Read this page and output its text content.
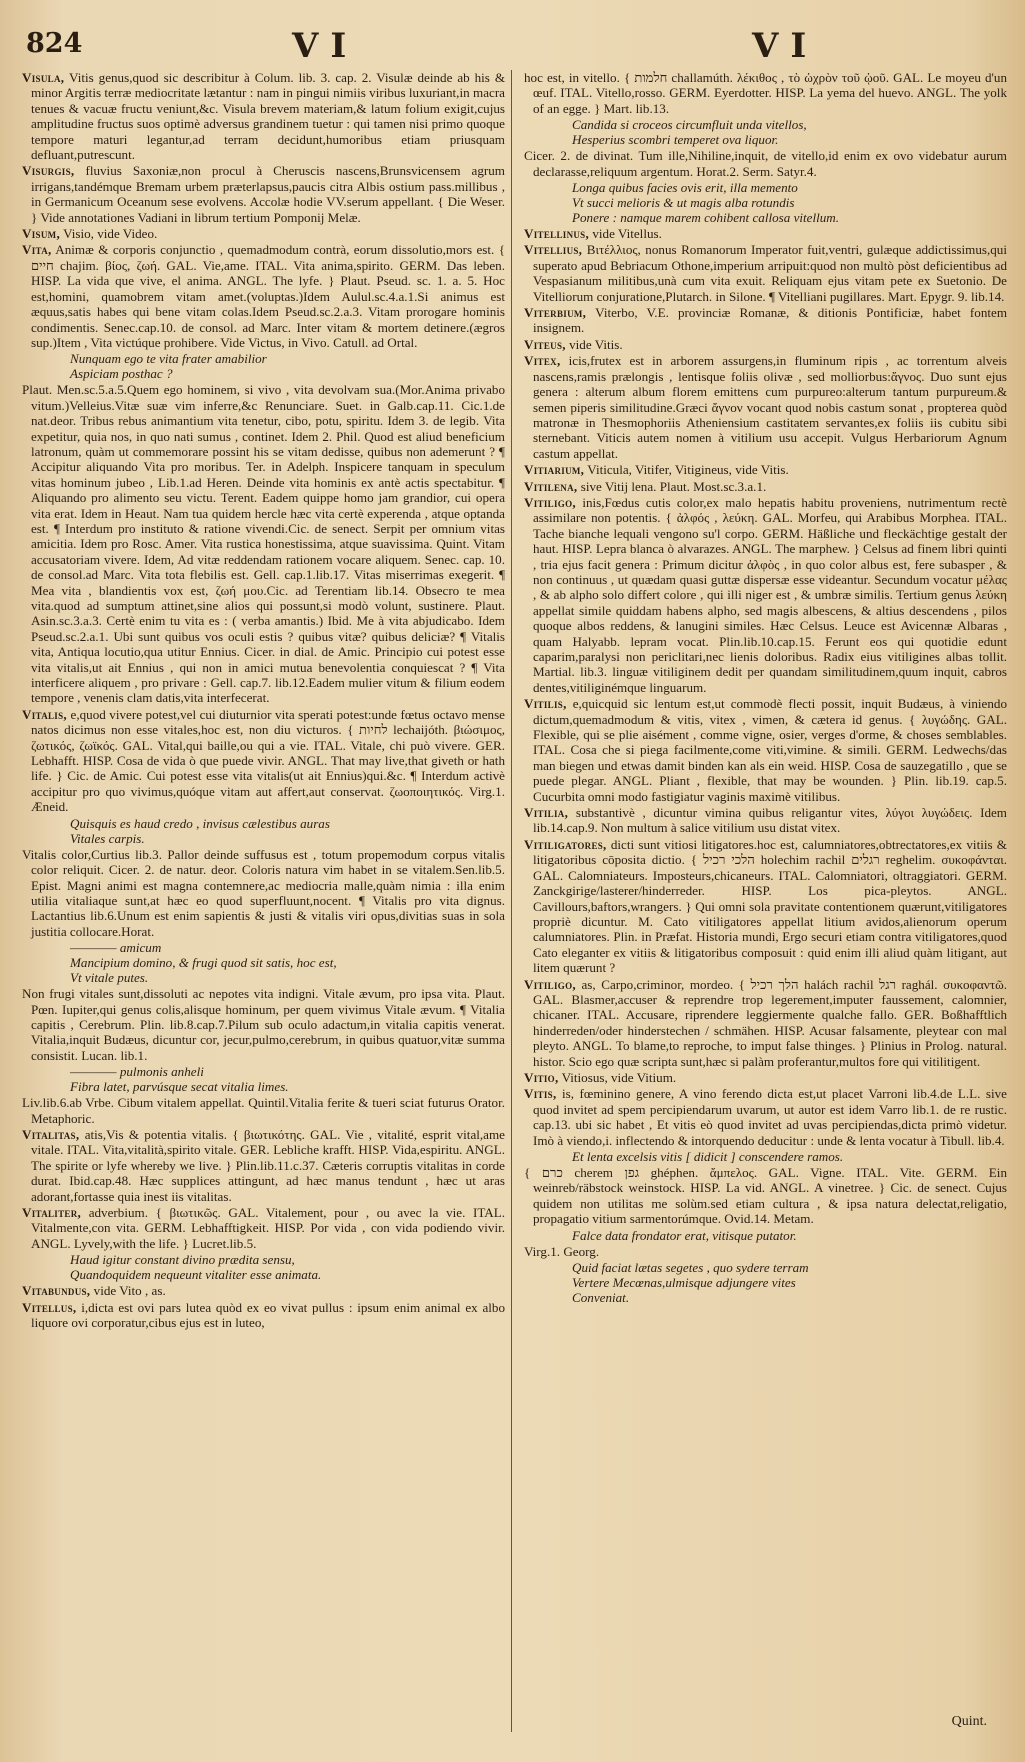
824	VI	VI
Visula, Vitis genus,quod sic describitur à Colum. lib. 3. cap. 2. Visulæ deinde ab his & minor Argitis terræ mediocritate lætantur : nam in pingui nimiis viribus luxuriant,in macra tenues & vacuæ fructu veniunt,&c. Visula brevem materiam,& latum folium exigit,cujus amplitudine fructus suos optimè adversus grandinem tuetur : qui tamen nisi primo quoque tempore maturi legantur,ad terram decidunt,humoribus etiam priusquam defluant,putrescunt.
Visurgis, fluvius Saxoniæ,non procul à Cheruscis nascens,Brunsvicensem agrum irrigans,tandémque Bremam urbem præterlapsus,paucis citra Albis ostium pass.millibus , in Germanicum Oceanum sese evolvens. Accolæ hodie VV.serum appellant. { Die Weser. } Vide annotationes Vadiani in librum tertium Pomponij Melæ.
Visum, Visio, vide Video.
Vita, Animæ & corporis conjunctio , quemadmodum contrà, eorum dissolutio,mors est. { חיים chajim. βίος, ζωή. GAL. Vie,ame. ITAL. Vita anima,spirito. GERM. Das leben. HISP. La vida que vive, el anima. ANGL. The lyfe. } Plaut. Pseud. sc. 1. a. 5. Hoc est,homini, quamobrem vitam amet.(voluptas.)Idem Aulul.sc.4.a.1.Si animus est æquus,satis habes qui bene vitam colas.Idem Pseud.sc.2.a.3. Vitam prorogare hominis condimentis. Senec.cap.10. de consol. ad Marc. Inter vitam & mortem detinere.(ægros sup.)Item , Vita victúque prohibere. Vide Victus, in Vivo. Catull. ad Ortal.
Nunquam ego te vita frater amabilior
Aspiciam posthac ?
Plaut. Men.sc.5.a.5.Quem ego hominem, si vivo , vita devolvam sua.(Mor.Anima privabo vitum.)Velleius.Vitæ suæ vim inferre,&c Renunciare. Suet. in Galb.cap.11. Cic.1.de nat.deor. Tribus rebus animantium vita tenetur, cibo, potu, spiritu. Idem 3. de legib. Vita expetitur, quia nos, in quo nati sumus , continet. Idem 2. Phil. Quod est aliud beneficium latronum, quàm ut commemorare possint his se vitam dedisse, quibus non ademerunt ? ¶ Accipitur aliquando Vita pro moribus. Ter. in Adelph. Inspicere tanquam in speculum vitas hominum jubeo , Lib.1.ad Heren. Deinde vita hominis ex antè actis spectabitur. ¶ Aliquando pro alimento seu victu. Terent. Eadem quippe homo jam grandior, cui opera vita erat. Idem in Heaut. Nam tua quidem hercle hæc vita certè experenda , atque optanda est. ¶ Interdum pro instituto & ratione vivendi.Cic. de senect. Serpit per omnium vitas amicitia. Idem pro Rosc. Amer. Vita rustica honestissima, atque suavissima. Quint. Vitam accusatoriam vivere. Idem, Ad vitæ reddendam rationem vocare aliquem. Senec. cap. 10. de consol.ad Marc. Vita tota flebilis est. Gell. cap.1.lib.17. Vitas miserrimas exegerit. ¶ Mea vita , blandientis vox est, ζωή μου.Cic. ad Terentiam lib.14. Obsecro te mea vita.quod ad sumptum attinet,sine alios qui possunt,si modò volunt, sustinere. Plaut. Asin.sc.3.a.3. Certè enim tu vita es : ( verba amantis.) Ibid. Me à vita abjudicabo. Idem Pseud.sc.2.a.1. Ubi sunt quibus vos oculi estis ? quibus vitæ? quibus deliciæ? ¶ Vitalis vita, Antiqua locutio,qua utitur Ennius. Cicer. in dial. de Amic. Principio cui potest esse vita vitalis,ut ait Ennius , qui non in amici mutua benevolentia conquiescat ? ¶ Vita interficere aliquem , pro privare : Gell. cap.7. lib.12.Eadem mulier vitum & filium eodem tempore , venenis clam datis,vita interfecerat.
Vitalis, e,quod vivere potest,vel cui diuturnior vita sperati potest:unde fœtus octavo mense natos dicimus non esse vitales,hoc est, non diu victuros. { לחיות lechaijóth. βιώσιμος, ζωτικός, ζωϊκός. GAL. Vital,qui baille,ou qui a vie. ITAL. Vitale, chi può vivere. GER. Lebhafft. HISP. Cosa de vida ò que puede vivir. ANGL. That may live,that giveth or hath life. } Cic. de Amic. Cui potest esse vita vitalis(ut ait Ennius)qui.&c. ¶ Interdum activè accipitur pro quo vivimus,quóque vitam aut affert,aut conservat. ζωοποιητικός. Virg.1. Æneid.
Quisquis es haud credo , invisus cælestibus auras
Vitales carpis.
Vitalis color,Curtius lib.3. Pallor deinde suffusus est , totum propemodum corpus vitalis color reliquit. Cicer. 2. de natur. deor. Coloris natura vim habet in se vitalem.Sen.lib.5. Epist. Magni animi est magna contemnere,ac mediocria malle,quàm nimia : illa enim utilia vitaliaque sunt,at hæc eo quod superfluunt,nocent. ¶ Vitalis pro vita dignus. Lactantius lib.6.Unum est enim sapientis & justi & vitalis viri opus,divitias suas in sola justitia collocare.Horat.
———— amicum
Mancipium domino, & frugi quod sit satis, hoc est,
Vt vitale putes.
Non frugi vitales sunt,dissoluti ac nepotes vita indigni. Vitale ævum, pro ipsa vita. Plaut. Pœn. Iupiter,qui genus colis,alisque hominum, per quem vivimus Vitale ævum. ¶ Vitalia capitis , Cerebrum. Plin. lib.8.cap.7.Pilum sub oculo adactum,in vitalia capitis venerat. Vitalia,inquit Budæus, dicuntur cor, jecur,pulmo,cerebrum, in quibus quatuor,vitæ summa consistit. Lucan. lib.1.
———— pulmonis anheli
Fibra latet, parvúsque secat vitalia limes.
Liv.lib.6.ab Vrbe. Cibum vitalem appellat. Quintil.Vitalia ferite & tueri sciat futurus Orator. Metaphoric.
Vitalitas, atis,Vis & potentia vitalis. { βιωτικότης. GAL. Vie , vitalité, esprit vital,ame vitale. ITAL. Vita,vitalità,spirito vitale. GER. Lebliche krafft. HISP. Vida,espiritu. ANGL. The spirite or lyfe whereby we live. } Plin.lib.11.c.37. Cæteris corruptis vitalitas in corde durat. Ibid.cap.48. Hæc supplices attingunt, ad hæc manus tendunt , hæc ut aras adorant,fortasse quia inest iis vitalitas.
Vitaliter, adverbium. { βιωτικῶς. GAL. Vitalement, pour , ou avec la vie. ITAL. Vitalmente,con vita. GERM. Lebhafftigkeit. HISP. Por vida , con vida podiendo vivir. ANGL. Lyvely,with the life. } Lucret.lib.5.
Haud igitur constant divino prædita sensu,
Quandoquidem nequeunt vitaliter esse animata.
Vitabundus, vide Vito , as.
Vitellus, i,dicta est ovi pars lutea quòd ex eo vivat pullus : ipsum enim animal ex albo liquore ovi corporatur,cibus ejus est in luteo,
hoc est, in vitello. { חלמות challamúth. λέκιθος , τὸ ὠχρὸν τοῦ ᾠοῦ. GAL. Le moyeu d'un œuf. ITAL. Vitello,rosso. GERM. Eyerdotter. HISP. La yema del huevo. ANGL. The yolk of an egge. } Mart. lib.13.
Candida si croceos circumfluit unda vitellos,
Hesperius scombri temperet ova liquor.
Cicer. 2. de divinat. Tum ille,Nihiline,inquit, de vitello,id enim ex ovo videbatur aurum declarasse,reliquum argentum. Horat.2. Serm. Satyr.4.
Longa quibus facies ovis erit, illa memento
Vt succi melioris & ut magis alba rotundis
Ponere : namque marem cohibent callosa vitellum.
Vitellinus, vide Vitellus.
Vitellius, Βιτέλλιος, nonus Romanorum Imperator fuit,ventri, gulæque addictissimus,qui superato apud Bebriacum Othone,imperium arripuit:quod non multò pòst deficientibus ad Vespasianum militibus,unà cum vita exuit. Reliquam ejus vitam pete ex Suetonio. De Vitelliorum conjuratione,Plutarch. in Silone. ¶ Vitelliani pugillares. Mart. Epygr. 9. lib.14.
Viterbium, Viterbo, V.E. provinciæ Romanæ, & ditionis Pontificiæ, habet fontem insignem.
Viteus, vide Vitis.
Vitex, icis,frutex est in arborem assurgens,in fluminum ripis , ac torrentum alveis nascens,ramis prælongis , lentisque foliis olivæ , sed molliorbus:ἄγνος. Duo sunt ejus genera : alterum album florem emittens cum purpureo:alterum tantum purpureum.& semen piperis similitudine.Græci ἄγνον vocant quod nobis castum sonat , propterea quòd matronæ in Thesmophoriis Atheniensium castitatem servantes,ex foliis iis cubitu sibi sternebant. Viticis autem nomen à vitilium usu accepit. Vulgus Herbariorum Agnum castum appellat.
Vitiarium, Viticula, Vitifer, Vitigineus, vide Vitis.
Vitilena, sive Vitij lena. Plaut. Most.sc.3.a.1.
Vitiligo, inis,Fœdus cutis color,ex malo hepatis habitu proveniens, nutrimentum rectè assimilare non potentis. { ἀλφός , λεύκη. GAL. Morfeu, qui Arabibus Morphea. ITAL. Tache bianche lequali vengono su'l corpo. GERM. Häßliche und fleckächtige gestalt der haut. HISP. Lepra blanca ò alvarazes. ANGL. The marphew. } Celsus ad finem libri quinti , tria ejus facit genera : Primum dicitur ἀλφὸς , in quo color albus est, fere subasper , & non continuus , ut quædam quasi guttæ dispersæ esse videantur. Secundum vocatur μέλας , & ab alpho solo differt colore , qui illi niger est , & umbræ similis. Tertium genus λεύκη appellat simile quiddam habens alpho, sed magis albescens, & altius descendens , pilos quoque albos reddens, & lanugini similes. Hæc Celsus. Leuce est Avicennæ Albaras , quam Halyabb. lepram vocat. Plin.lib.10.cap.15. Ferunt eos qui quotidie edunt caparim,paralysi non periclitari,nec lienis doloribus. Radix eius vitiligines albas tollit. Martial. lib.3. linguæ vitiliginem dedit per quandam similitudinem,quum inquit, cabros dentes,vitiliginémque linguarum.
Vitilis, e,quicquid sic lentum est,ut commodè flecti possit, inquit Budæus, à viniendo dictum,quemadmodum & vitis, vitex , vimen, & cætera id genus. { λυγώδης. GAL. Flexible, qui se plie aisément , comme vigne, osier, verges d'orme, & choses semblables. ITAL. Cosa che si piega facilmente,come viti,vimine. & simili. GERM. Ledwechs/das man biegen und etwas damit binden kan als ein weid. HISP. Cosa de sauzegatillo , que se puede plegar. ANGL. Pliant , flexible, that may be wounden. } Plin. lib.19. cap.5. Cucurbita omni modo fastigiatur vaginis maximè vitilibus.
Vitilia, substantivè , dicuntur vimina quibus religantur vites, λύγοι λυγώδεις. Idem lib.14.cap.9. Non multum à salice vitilium usu distat vitex.
Vitiligatores, dicti sunt vitiosi litigatores.hoc est, calumniatores,obtrectatores,ex vitiis & litigatoribus cōposita dictio. { הלכי רכיל holechim rachil רגלים reghelim. συκοφάνται. GAL. Calomniateurs. Imposteurs,chicaneurs. ITAL. Calomniatori, oltraggiatori. GERM. Zanckgirige/lasterer/hinderreder. HISP. Los pica-pleytos. ANGL. Cavillours,baftors,wrangers. } Qui omni sola pravitate contentionem quærunt,vitiligatores propriè dicuntur. M. Cato vitiligatores appellat litium avidos,alienorum operum calumniatores. Plin. in Præfat. Historia mundi, Ergo securi etiam contra vitiligatores,quod Cato eleganter ex vitiis & litigatoribus composuit : quid enim illi aliud quàm litigant, aut litem quærunt ?
Vitiligo, as, Carpo,criminor, mordeo. { הלך רכיל halách rachil רגל raghál. συκοφαντῶ. GAL. Blasmer,accuser & reprendre trop legerement,imputer faussement, calomnier, chicaner. ITAL. Accusare, riprendere leggiermente qualche fallo. GER. Boßhafftlich hinderreden/oder hinderstechen / schmähen. HISP. Acusar falsamente, pleytear con mal pleyto. ANGL. To blame,to reproche, to imput false thinges. } Plinius in Prolog. natural. histor. Scio ego quæ scripta sunt,hæc si palàm proferantur,multos fore qui vitilitigent.
Vitio, Vitiosus, vide Vitium.
Vitis, is, fœminino genere, A vino ferendo dicta est,ut placet Varroni lib.4.de L.L. sive quod invitet ad spem percipiendarum uvarum, ut autor est idem Varro lib.1. de re rustic. cap.13. ubi sic habet , Et vitis eò quod invitet ad uvas percipiendas,dicta primò videtur. Imò à viendo,i. inflectendo & intorquendo deducitur : unde & lenta vocatur à Tibull. lib.4.
Et lenta excelsis vitis [ didicit ] conscendere ramos.
{ כרם cherem גפן ghéphen. ἄμπελος. GAL. Vigne. ITAL. Vite. GERM. Ein weinreb/räbstock weinstock. HISP. La vid. ANGL. A vinetree. } Cic. de senect. Cujus quidem non utilitas me solùm.sed etiam cultura , & ipsa natura delectat,religatio, propagatio vitium sarmentorúmque. Ovid.14. Metam.
Falce data frondator erat, vitisque putator.
Virg.1. Georg.
Quid faciat lætas segetes , quo sydere terram
Vertere Mecœnas,ulmisque adjungere vites
Conveniat.
Quint.
